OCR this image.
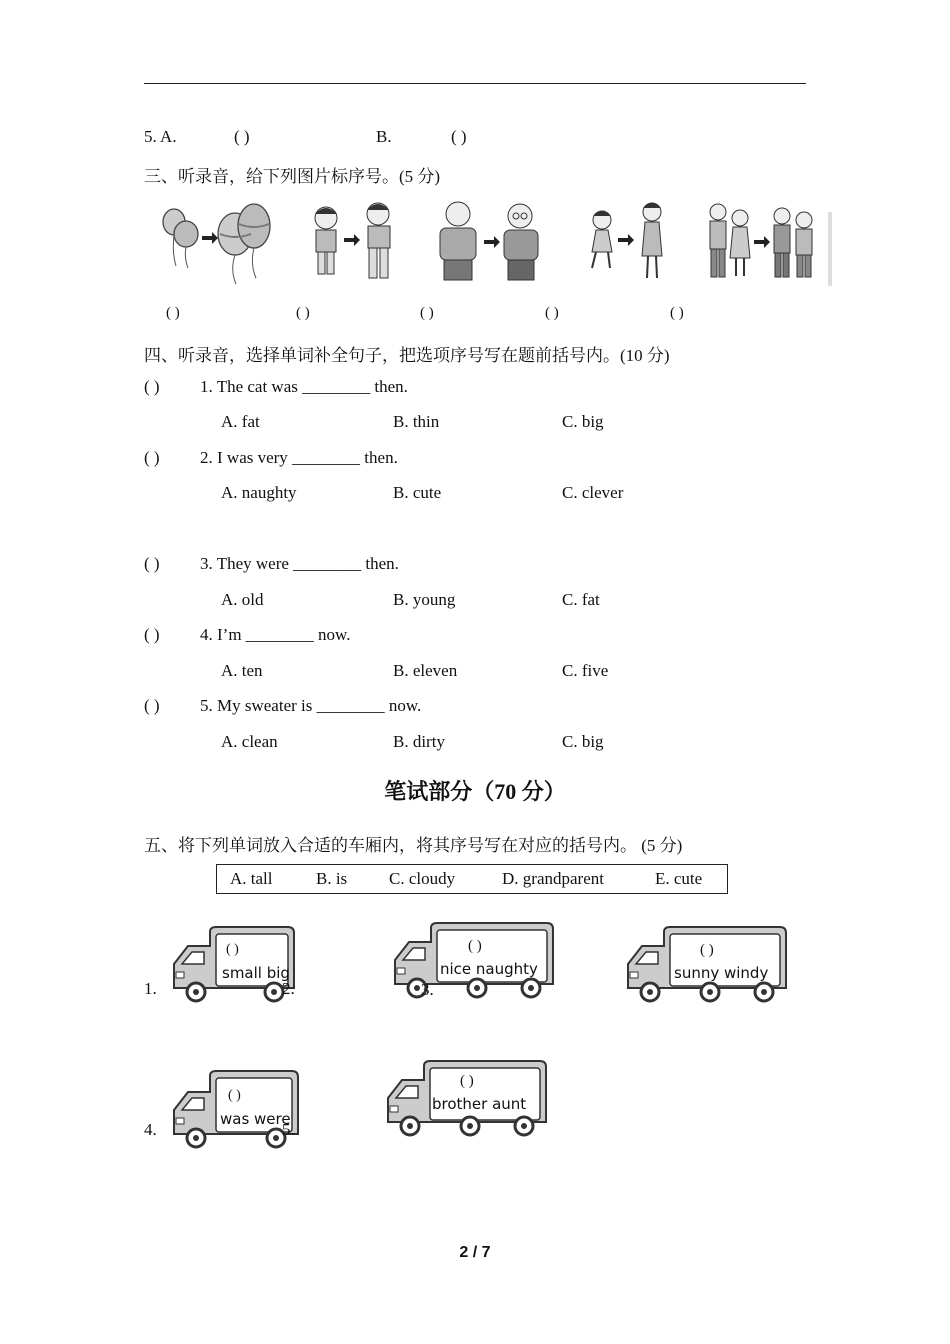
5. A.	( )	B.	( )
三、听录音，给下列图片标序号。(5 分)
( )	( )	( )	( )	( )
四、听录音，选择单词补全句子，把选项序号写在题前括号内。(10 分)
( ) 1. The cat was ________ then.
A. fat	B. thin	C. big
( ) 2. I was very ________ then.
A. naughty	B. cute	C. clever
( ) 3. They were ________ then.
A. old	B. young	C. fat
( ) 4. I’m ________ now.
A. ten	B. eleven	C. five
( ) 5. My sweater is ________ now.
A. clean	B. dirty	C. big
笔试部分（70 分）
五、将下列单词放入合适的车厢内，将其序号写在对应的括号内。 (5 分)
A. tall	B. is C. cloudy	D. grandparent	E. cute
1.
( )
small big
2.
( )
nice naughty
3.
( )
sunny windy
4.
( )
was were
5.
( )
brother aunt
2 / 7
